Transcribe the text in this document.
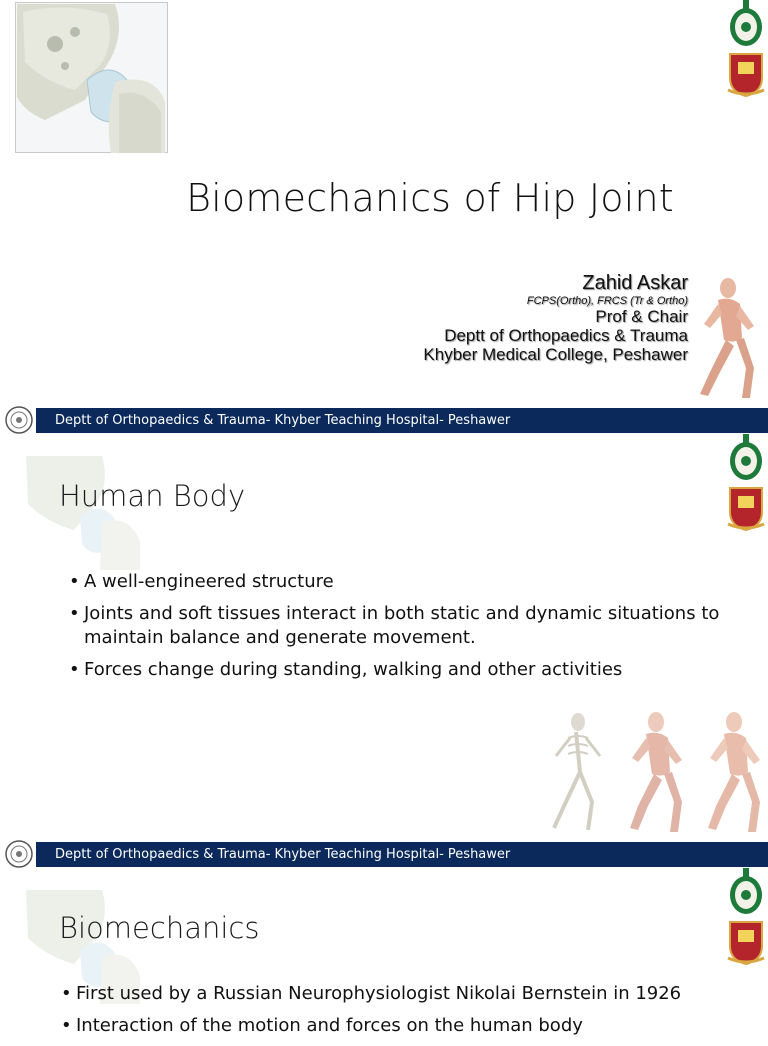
Biomechanics of Hip Joint
Zahid Askar
FCPS(Ortho), FRCS (Tr & Ortho)
Prof & Chair
Deptt of Orthopaedics & Trauma
Khyber Medical College, Peshawer
Deptt of Orthopaedics & Trauma- Khyber Teaching Hospital- Peshawer
Human Body
• A well-engineered structure
• Joints and soft tissues interact in both static and dynamic situations to maintain balance and generate movement.
• Forces change during standing, walking and other activities
Deptt of Orthopaedics & Trauma- Khyber Teaching Hospital- Peshawer
Biomechanics
• First used by a Russian Neurophysiologist Nikolai Bernstein in 1926
• Interaction of the motion and forces on the human body
